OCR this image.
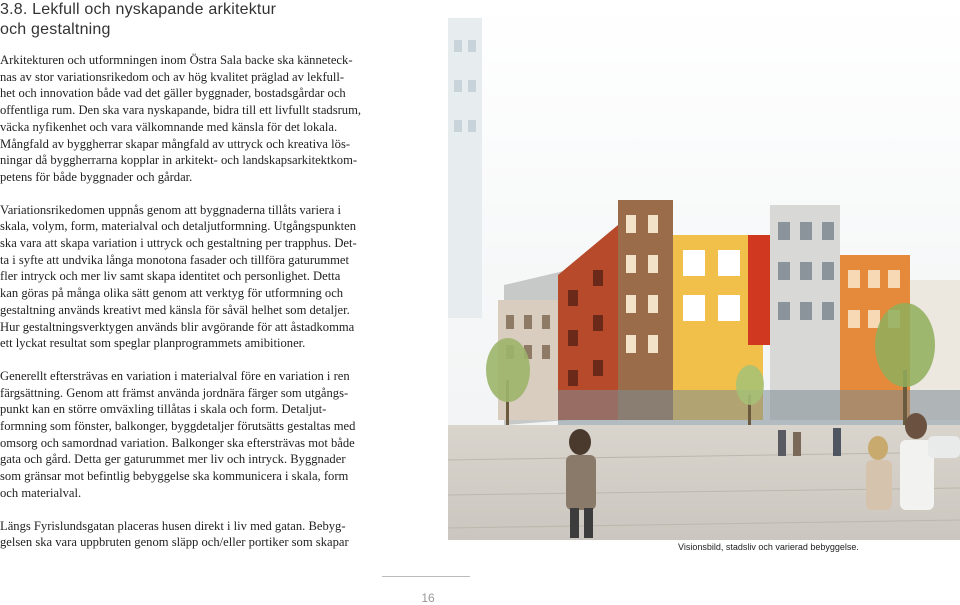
3.8. Lekfull och nyskapande arkitektur
och gestaltning

Arkitekturen och utformningen inom Östra Sala backe ska känneteck-
nas av stor variationsrikedom och av hög kvalitet präglad av lekfull-
het och innovation både vad det gäller byggnader, bostadsgårdar och
offentliga rum. Den ska vara nyskapande, bidra till ett livfullt stadsrum,
väcka nyfikenhet och vara välkomnande med känsla för det lokala.
Mångfald av byggherrar skapar mångfald av uttryck och kreativa lös-
ningar då byggherrarna kopplar in arkitekt- och landskapsarkitektkom-
petens för både byggnader och gårdar.

Variationsrikedomen uppnås genom att byggnaderna tillåts variera i
skala, volym, form, materialval och detaljutformning. Utgångspunkten
ska vara att skapa variation i uttryck och gestaltning per trapphus. Det-
ta i syfte att undvika långa monotona fasader och tillföra gaturummet
fler intryck och mer liv samt skapa identitet och personlighet. Detta
kan göras på många olika sätt genom att verktyg för utformning och
gestaltning används kreativt med känsla för såväl helhet som detaljer.
Hur gestaltningsverktygen används blir avgörande för att åstadkomma
ett lyckat resultat som speglar planprogrammets amibitioner.

Generellt eftersträvas en variation i materialval före en variation i ren
färgsättning. Genom att främst använda jordnära färger som utgångs-
punkt kan en större omväxling tillåtas i skala och form. Detaljut-
formning som fönster, balkonger, byggdetaljer förutsätts gestaltas med
omsorg och samordnad variation. Balkonger ska eftersträvas mot både
gata och gård. Detta ger gaturummet mer liv och intryck. Byggnader
som gränsar mot befintlig bebyggelse ska kommunicera i skala, form
och materialval.

Längs Fyrislundsgatan placeras husen direkt i liv med gatan. Bebyg-
gelsen ska vara uppbruten genom släpp och/eller portiker som skapar	Visionsbild, stadsliv och varierad bebyggelse.
16
